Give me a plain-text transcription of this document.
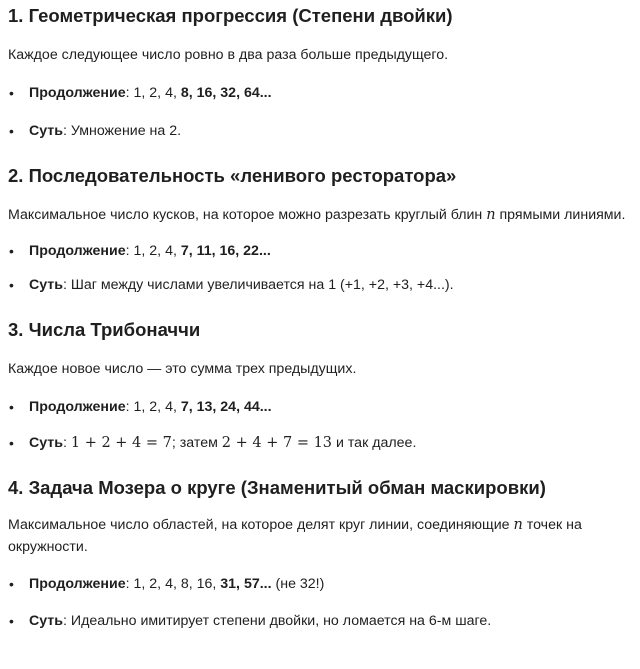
1. Геометрическая прогрессия (Степени двойки)

Каждое следующее число ровно в два раза больше предыдущего.

• Продолжение: 1, 2, 4, 8, 16, 32, 64...
• Суть: Умножение на 2.
2. Последовательность «ленивого ресторатора»

Максимальное число кусков, на которое можно разрезать круглый блин n прямыми линиями.

• Продолжение: 1, 2, 4, 7, 11, 16, 22...
• Суть: Шаг между числами увеличивается на 1 (+1, +2, +3, +4...).
3. Числа Трибоначчи

Каждое новое число — это сумма трех предыдущих.

• Продолжение: 1, 2, 4, 7, 13, 24, 44...
• Суть: 1 + 2 + 4 = 7; затем 2 + 4 + 7 = 13 и так далее.
4. Задача Мозера о круге (Знаменитый обман маскировки)

Максимальное число областей, на которое делят круг линии, соединяющие n точек на окружности.

• Продолжение: 1, 2, 4, 8, 16, 31, 57... (не 32!)
• Суть: Идеально имитирует степени двойки, но ломается на 6-м шаге.
